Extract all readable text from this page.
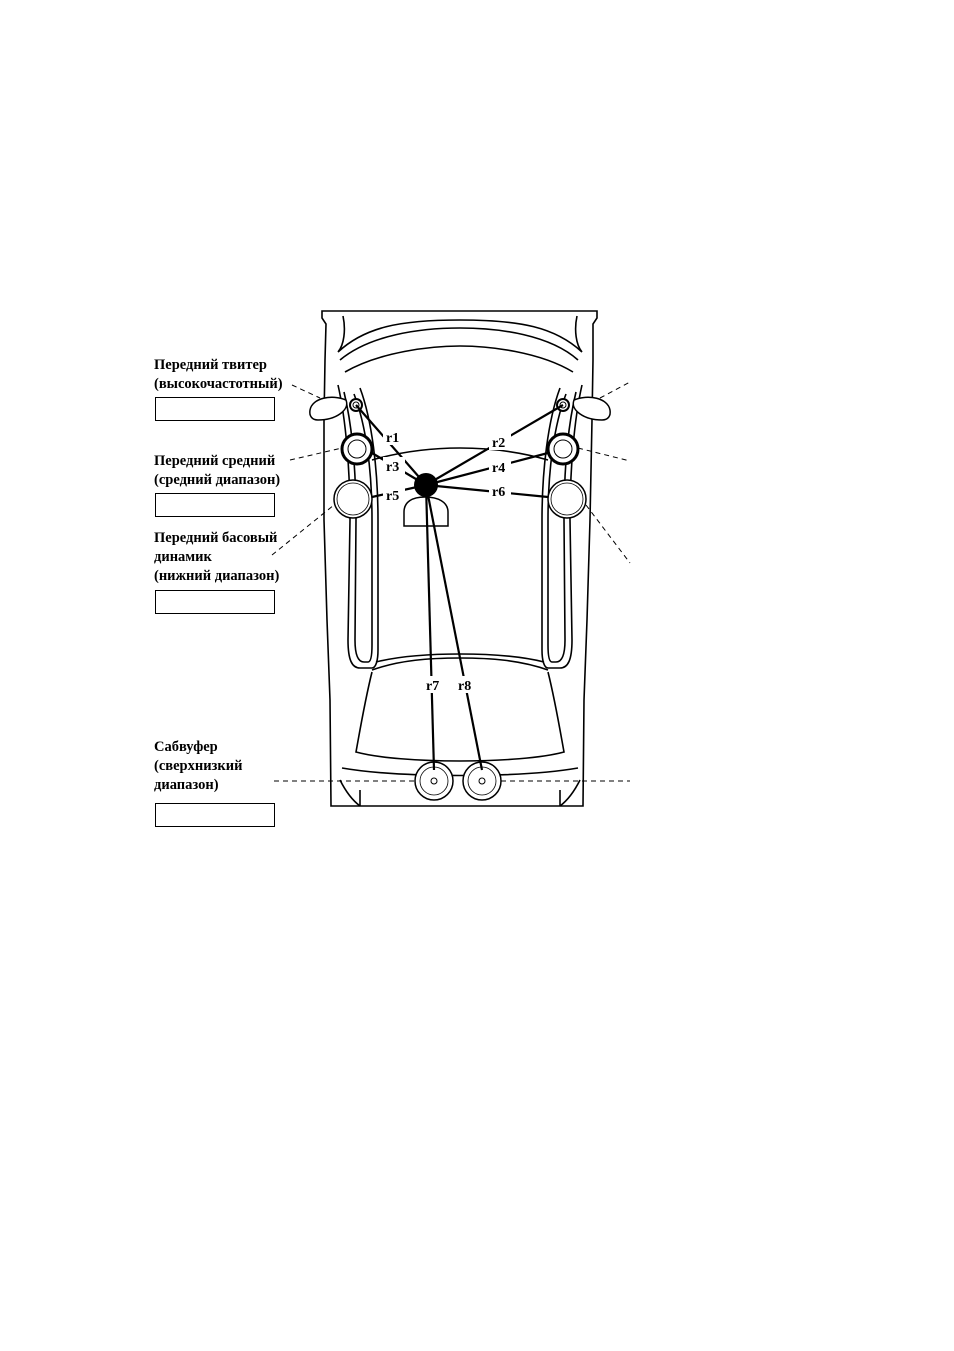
Передний твитер
(высокочастотный)
Передний средний
(средний диапазон)
Передний басовый
динамик
(нижний диапазон)
Сабвуфер
(сверхнизкий
диапазон)
r1	r2
r3	r4
r5	r6
r7 r8
